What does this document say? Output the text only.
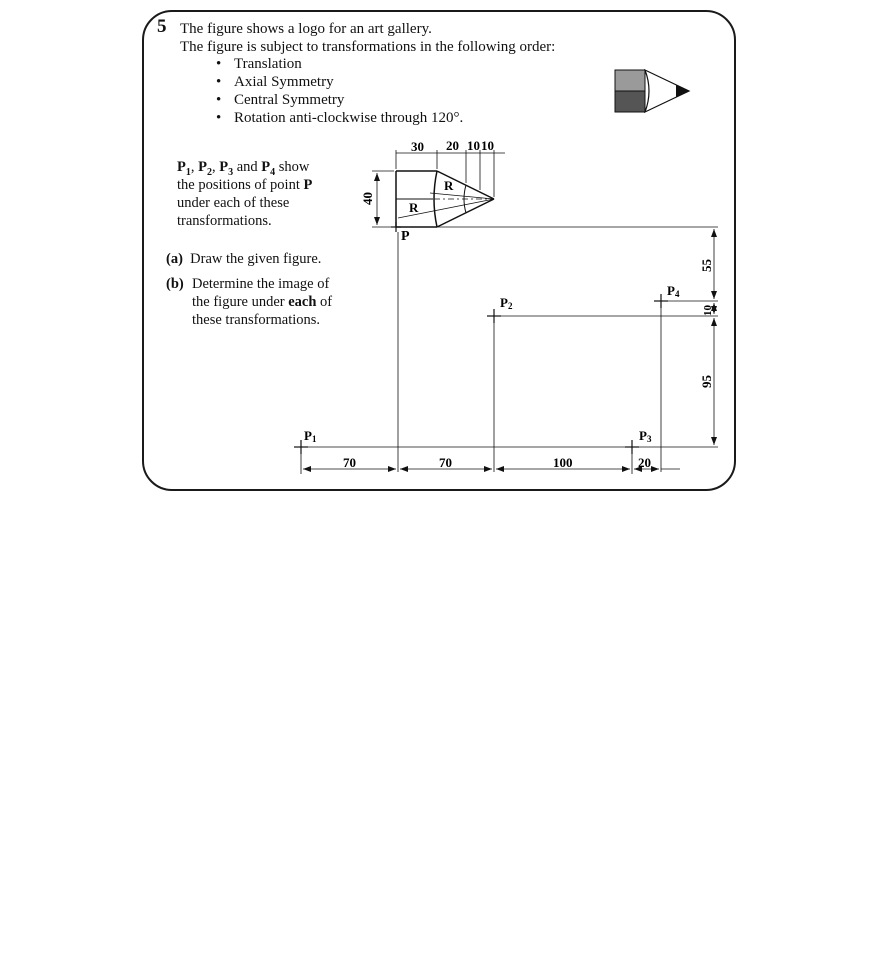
5 The figure shows a logo for an art gallery.
The figure is subject to transformations in the following order:
• Translation
• Axial Symmetry
• Central Symmetry
• Rotation anti-clockwise through 120°.
$P_1$, $P_2$, $P_3$ and $P_4$ show
the positions of point P
under each of these
transformations.
(a) Draw the given figure.
(b) Determine the image of
the figure under each of
these transformations.
R
R
30 20 10 10
40
P
P1
P2
P3
P4
70	70	100	20
55
10
95
